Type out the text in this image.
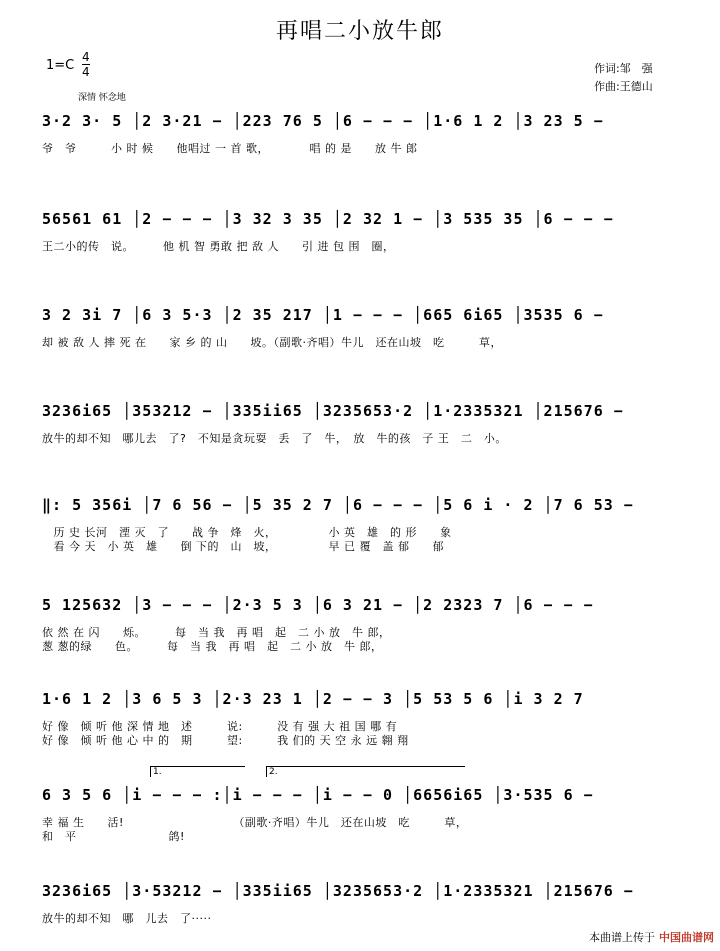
再唱二小放牛郎
1=C
4
4
深情 怀念地
作词:邹　强
作曲:王德山
3·2 3· 5 │2 3·21 − │223 76 5 │6 − − − │1·6 1 2 │3 23 5 −
爷　爷　　　小 时 候　　他唱过 一 首 歌，　　　　唱 的 是　　放 牛 郎
56561 61 │2 − − − │3 32 3 35 │2 32 1 − │3 535 35 │6 − − −
王二小的传　说。　　　他 机 智 勇敢 把 敌 人　　引 进 包 围　圈，
3 2 3i 7 │6 3 5·3 │2 35 217 │1 − − − │665 6i65 │3535 6 −
却 被 敌 人 摔 死 在　　家 乡 的 山　　坡。（副歌·齐唱）牛儿　还在山坡　吃　　　草，
3236i65 │353212 − │335ii65 │3235653·2 │1·2335321 │215676 −
放牛的却不知　哪儿去　了?　不知是贪玩耍　丢　了　牛，　放　牛的孩　子 王　二　小。
‖: 5 356i │7 6 56 − │5 35 2 7 │6 − − − │5 6 i · 2 │7 6 53 −
　历 史 长河　湮 灭　了　　战 争　烽　火，　　　　　小 英　雄　的 形　　象
　看 今 天　小 英　雄　　倒 下的　山　坡，　　　　　早 已 覆　盖 郁　　郁
5 125632 │3 − − − │2·3 5 3 │6 3 21 − │2 2323 7 │6 − − −
依 然 在 闪　　烁。　　　每　当 我　再 唱　起　二 小 放　牛 郎，
葱 葱的绿　　色。　　　每　当 我　再 唱　起　二 小 放　牛 郎，
1·6 1 2 │3 6 5 3 │2·3 23 1 │2 − − 3 │5 53 5 6 │i 3 2 7
好 像　倾 听 他 深 情 地　述　　　说:　　　没 有 强 大 祖 国 哪 有
好 像　倾 听 他 心 中 的　期　　　望:　　　我 们的 天 空 永 远 翱 翔
1.	2.
6 3 5 6 │i − − − :│i − − − │i − − 0 │6656i65 │3·535 6 −
幸 福 生　　活!　　　　　　　　　　（副歌·齐唱）牛儿　还在山坡　吃　　　草，
和　平　　　　　　　　鸽!
3236i65 │3·53212 − │335ii65 │3235653·2 │1·2335321 │215676 −
放牛的却不知　哪　儿去　了·····
本曲谱上传于 中国曲谱网
